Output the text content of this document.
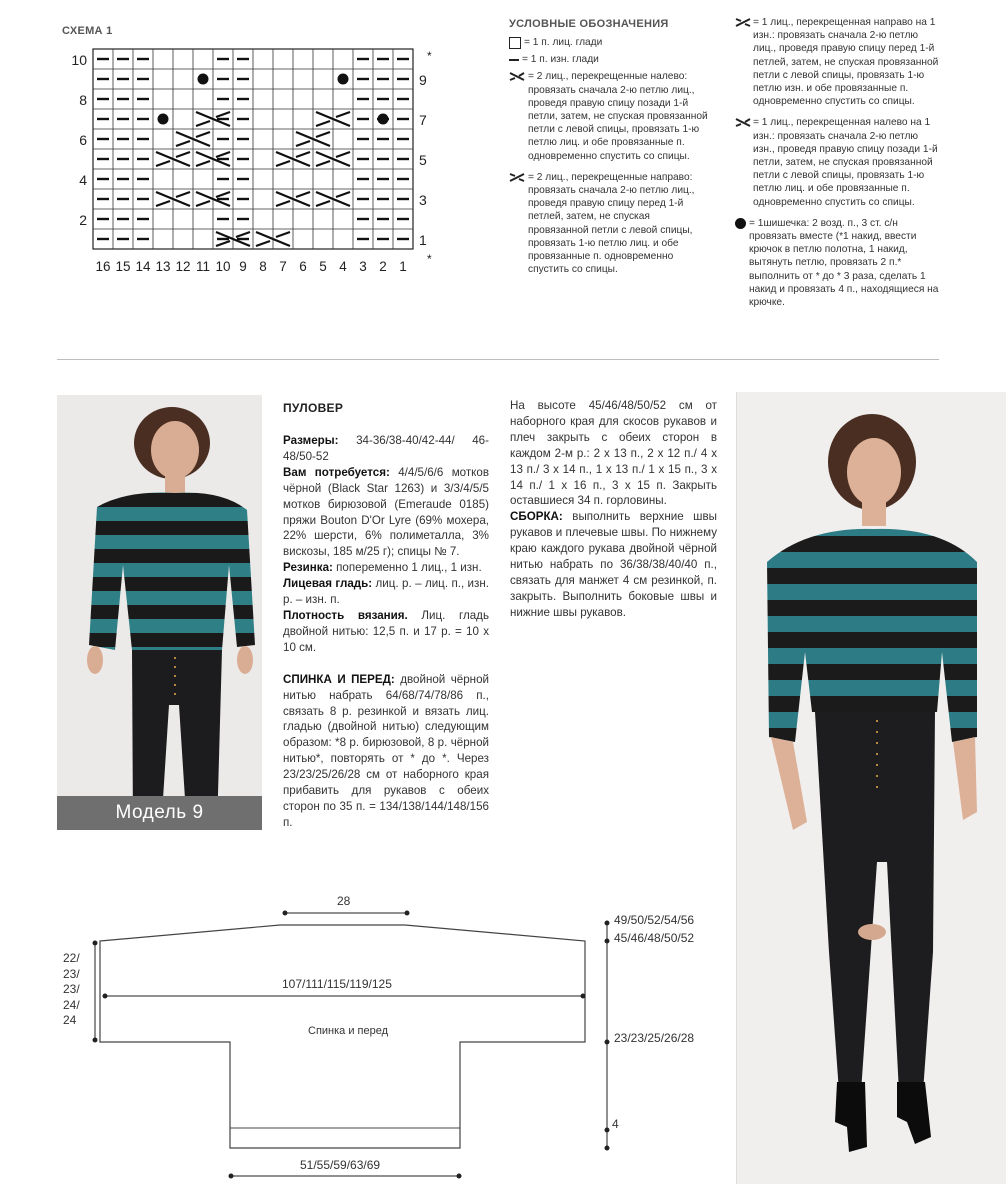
СХЕМА 1
10
8
6
4
2
9
7
5
3
1
16 15 14 13 12 11 10 9 8 7 6 5 4 3 2 1
*
*
УСЛОВНЫЕ ОБОЗНАЧЕНИЯ
= 1 п. лиц. глади
= 1 п. изн. глади
= 2 лиц., перекрещенные налево: провязать сначала 2-ю петлю лиц., проведя правую спицу позади 1-й петли, затем, не спуская провязанной петли с левой спицы, провязать 1-ю петлю лиц. и обе провязанные п. одновременно спустить со спицы.
= 2 лиц., перекрещенные направо: провязать сначала 2-ю петлю лиц., проведя правую спицу перед 1-й петлей, затем, не спуская провязанной петли с левой спицы, провязать 1-ю петлю лиц. и обе провязанные п. одновременно спустить со спицы.
= 1 лиц., перекрещенная направо на 1 изн.: провязать сначала 2-ю петлю лиц., проведя правую спицу перед 1-й петлей, затем, не спуская провязанной петли с левой спицы, провязать 1-ю петлю изн. и обе провязанные п. одновременно спустить со спицы.
= 1 лиц., перекрещенная налево на 1 изн.: провязать сначала 2-ю петлю изн., проведя правую спицу позади 1-й петли, затем, не спуская провязанной петли с левой спицы, провязать 1-ю петлю лиц. и обе провязанные п. одновременно спустить со спицы.
= 1шишечка: 2 возд. п., 3 ст. с/н провязать вместе (*1 накид, ввести крючок в петлю полотна, 1 накид, вытянуть петлю, провязать 2 п.* выполнить от * до * 3 раза, сделать 1 накид и провязать 4 п., находящиеся на крючке.
Модель 9
ПУЛОВЕР
Размеры: 34-36/38-40/42-44/ 46-48/50-52
Вам потребуется: 4/4/5/6/6 мотков чёрной (Black Star 1263) и 3/3/4/5/5 мотков бирюзовой (Emeraude 0185) пряжи Bouton D'Or Lyre (69% мохера, 22% шерсти, 6% полиметалла, 3% вискозы, 185 м/25 г); спицы № 7.
Резинка: попеременно 1 лиц., 1 изн.
Лицевая гладь: лиц. р. – лиц. п., изн. р. – изн. п.
Плотность вязания. Лиц. гладь двойной нитью: 12,5 п. и 17 р. = 10 х 10 см.
СПИНКА И ПЕРЕД: двойной чёрной нитью набрать 64/68/74/78/86 п., связать 8 р. резинкой и вязать лиц. гладью (двойной нитью) следующим образом: *8 р. бирюзовой, 8 р. чёрной нитью*, повторять от * до *. Через 23/23/25/26/28 см от наборного края прибавить для рукавов с обеих сторон по 35 п. = 134/138/144/148/156 п.
На высоте 45/46/48/50/52 см от наборного края для скосов рукавов и плеч закрыть с обеих сторон в каждом 2-м р.: 2 х 13 п., 2 х 12 п./ 4 х 13 п./ 3 х 14 п., 1 х 13 п./ 1 х 15 п., 3 х 14 п./ 1 х 16 п., 3 х 15 п. Закрыть оставшиеся 34 п. горловины.
СБОРКА: выполнить верхние швы рукавов и плечевые швы. По нижнему краю каждого рукава двойной чёрной нитью набрать по 36/38/38/40/40 п., связать для манжет 4 см резинкой, п. закрыть. Выполнить боковые швы и нижние швы рукавов.
28
49/50/52/54/56
45/46/48/50/52
22/
23/
23/
24/
24
107/111/115/119/125
Спинка и перед	23/23/25/26/28
4
51/55/59/63/69
